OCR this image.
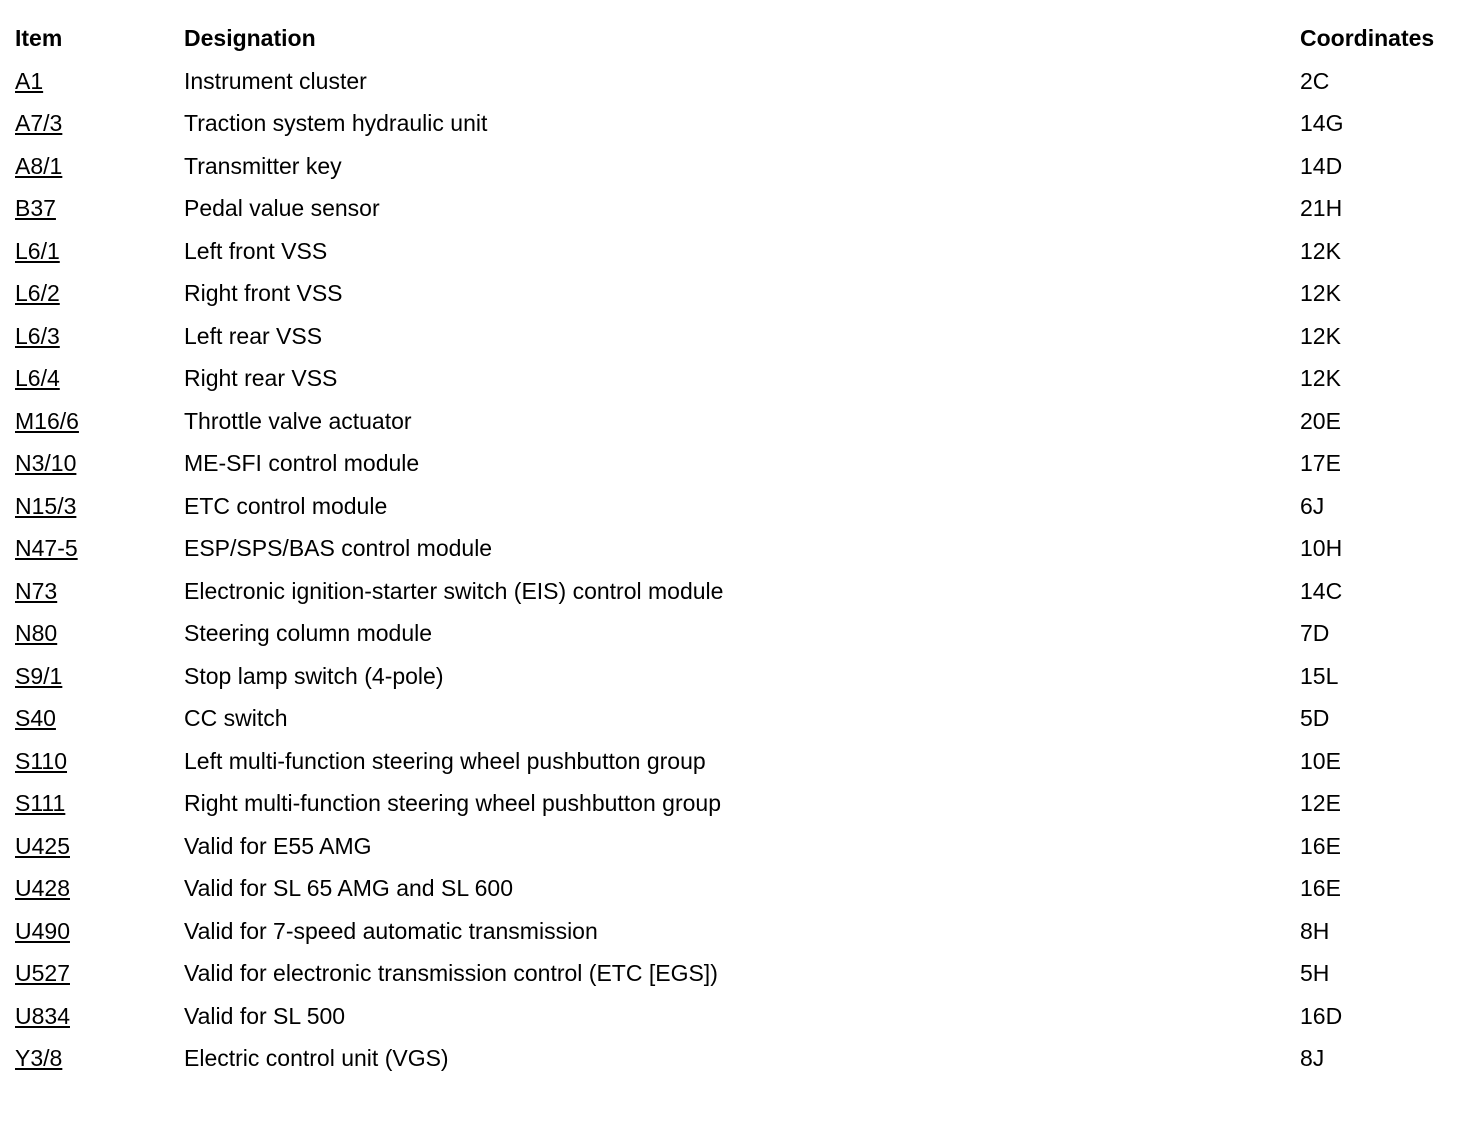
Item	Designation	Coordinates
A1	Instrument cluster	2C
A7/3	Traction system hydraulic unit	14G
A8/1	Transmitter key	14D
B37	Pedal value sensor	21H
L6/1	Left front VSS	12K
L6/2	Right front VSS	12K
L6/3	Left rear VSS	12K
L6/4	Right rear VSS	12K
M16/6	Throttle valve actuator	20E
N3/10	ME-SFI control module	17E
N15/3	ETC control module	6J
N47-5	ESP/SPS/BAS control module	10H
N73	Electronic ignition-starter switch (EIS) control module	14C
N80	Steering column module	7D
S9/1	Stop lamp switch (4-pole)	15L
S40	CC switch	5D
S110	Left multi-function steering wheel pushbutton group	10E
S111	Right multi-function steering wheel pushbutton group	12E
U425	Valid for E55 AMG	16E
U428	Valid for SL 65 AMG and SL 600	16E
U490	Valid for 7-speed automatic transmission	8H
U527	Valid for electronic transmission control (ETC [EGS])	5H
U834	Valid for SL 500	16D
Y3/8	Electric control unit (VGS)	8J
